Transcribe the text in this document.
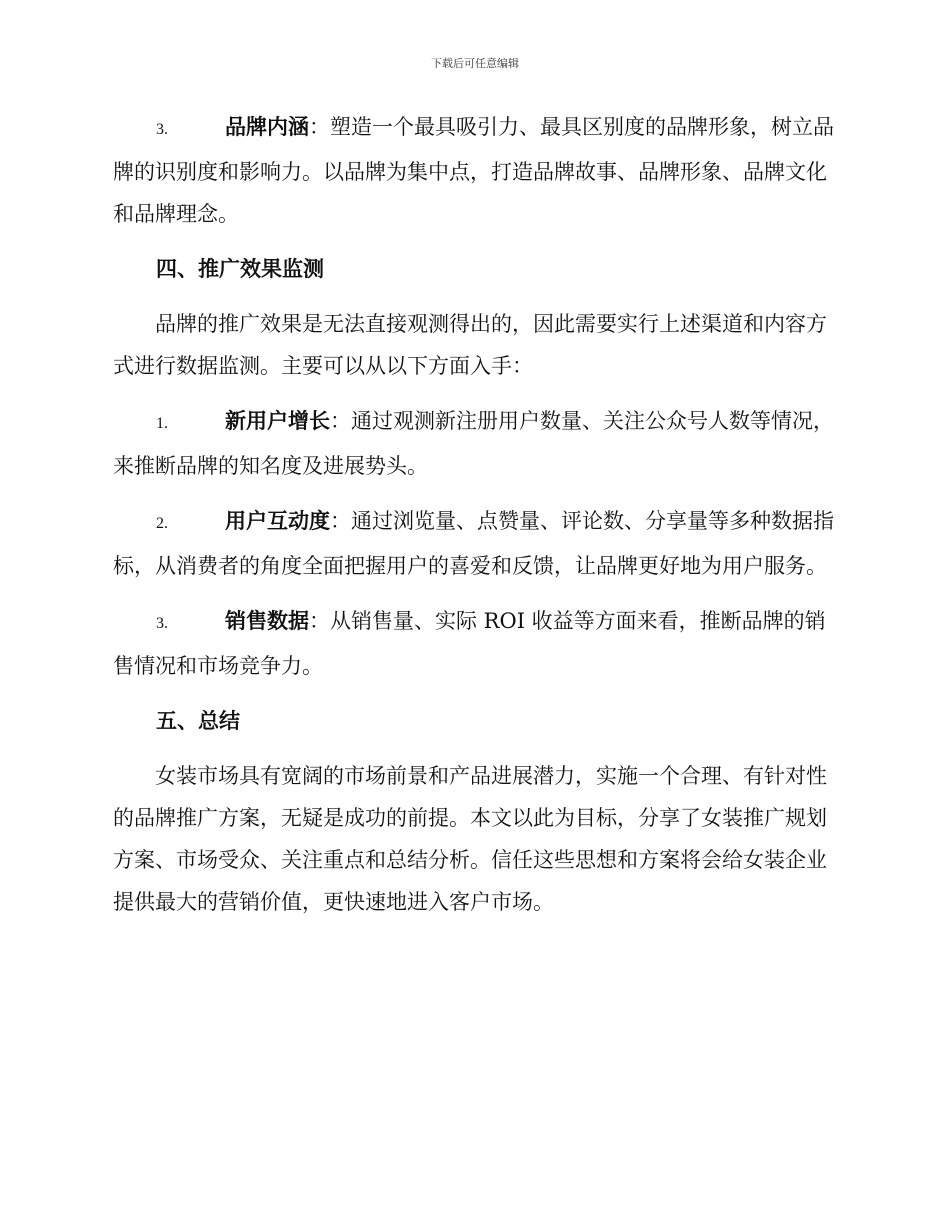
下载后可任意编辑

3.	品牌内涵：塑造一个最具吸引力、最具区别度的品牌形象，树立品牌的识别度和影响力。以品牌为集中点，打造品牌故事、品牌形象、品牌文化和品牌理念。

四、推广效果监测

品牌的推广效果是无法直接观测得出的，因此需要实行上述渠道和内容方式进行数据监测。主要可以从以下方面入手：

1.	新用户增长：通过观测新注册用户数量、关注公众号人数等情况，来推断品牌的知名度及进展势头。

2.	用户互动度：通过浏览量、点赞量、评论数、分享量等多种数据指标，从消费者的角度全面把握用户的喜爱和反馈，让品牌更好地为用户服务。

3.	销售数据：从销售量、实际 ROI 收益等方面来看，推断品牌的销售情况和市场竞争力。

五、总结

女装市场具有宽阔的市场前景和产品进展潜力，实施一个合理、有针对性的品牌推广方案，无疑是成功的前提。本文以此为目标，分享了女装推广规划方案、市场受众、关注重点和总结分析。信任这些思想和方案将会给女装企业提供最大的营销价值，更快速地进入客户市场。
